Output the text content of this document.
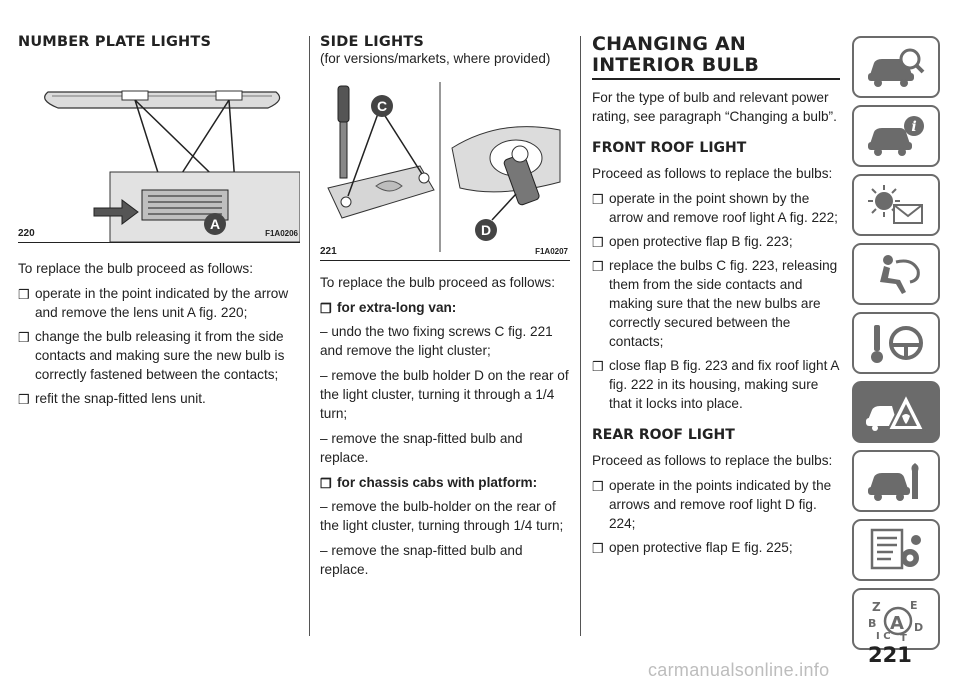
NUMBER PLATE LIGHTS
A
220	F1A0206

To replace the bulb proceed as follows:

❒ operate in the point indicated by the arrow and remove the lens unit A fig. 220;
❒ change the bulb releasing it from the side contacts and making sure the new bulb is correctly fastened between the contacts;
❒ refit the snap-fitted lens unit.
SIDE LIGHTS

(for versions/markets, where provided)

C
D
221	F1A0207

To replace the bulb proceed as follows:

❒ for extra-long van:

– undo the two fixing screws C fig. 221 and remove the light cluster;

– remove the bulb holder D on the rear of the light cluster, turning it through a 1/4 turn;

– remove the snap-fitted bulb and replace.

❒ for chassis cabs with platform:

– remove the bulb-holder on the rear of the light cluster, turning through 1/4 turn;

– remove the snap-fitted bulb and replace.

CHANGING AN
INTERIOR BULB

For the type of bulb and relevant power rating, see paragraph “Changing a bulb”.

FRONT ROOF LIGHT

Proceed as follows to replace the bulbs:

❒ operate in the point shown by the arrow and remove roof light A fig. 222;
❒ open protective flap B fig. 223;
❒ replace the bulbs C fig. 223, releasing them from the side contacts and making sure that the new bulbs are correctly secured between the contacts;
❒ close flap B fig. 223 and fix roof light A fig. 222 in its housing, making sure that it locks into place.
REAR ROOF LIGHT

Proceed as follows to replace the bulbs:

❒ operate in the points indicated by the arrows and remove roof light D fig. 224;
❒ open protective flap E fig. 225;
i
Z	E
B A D
I C T
221
carmanualsonline.info
